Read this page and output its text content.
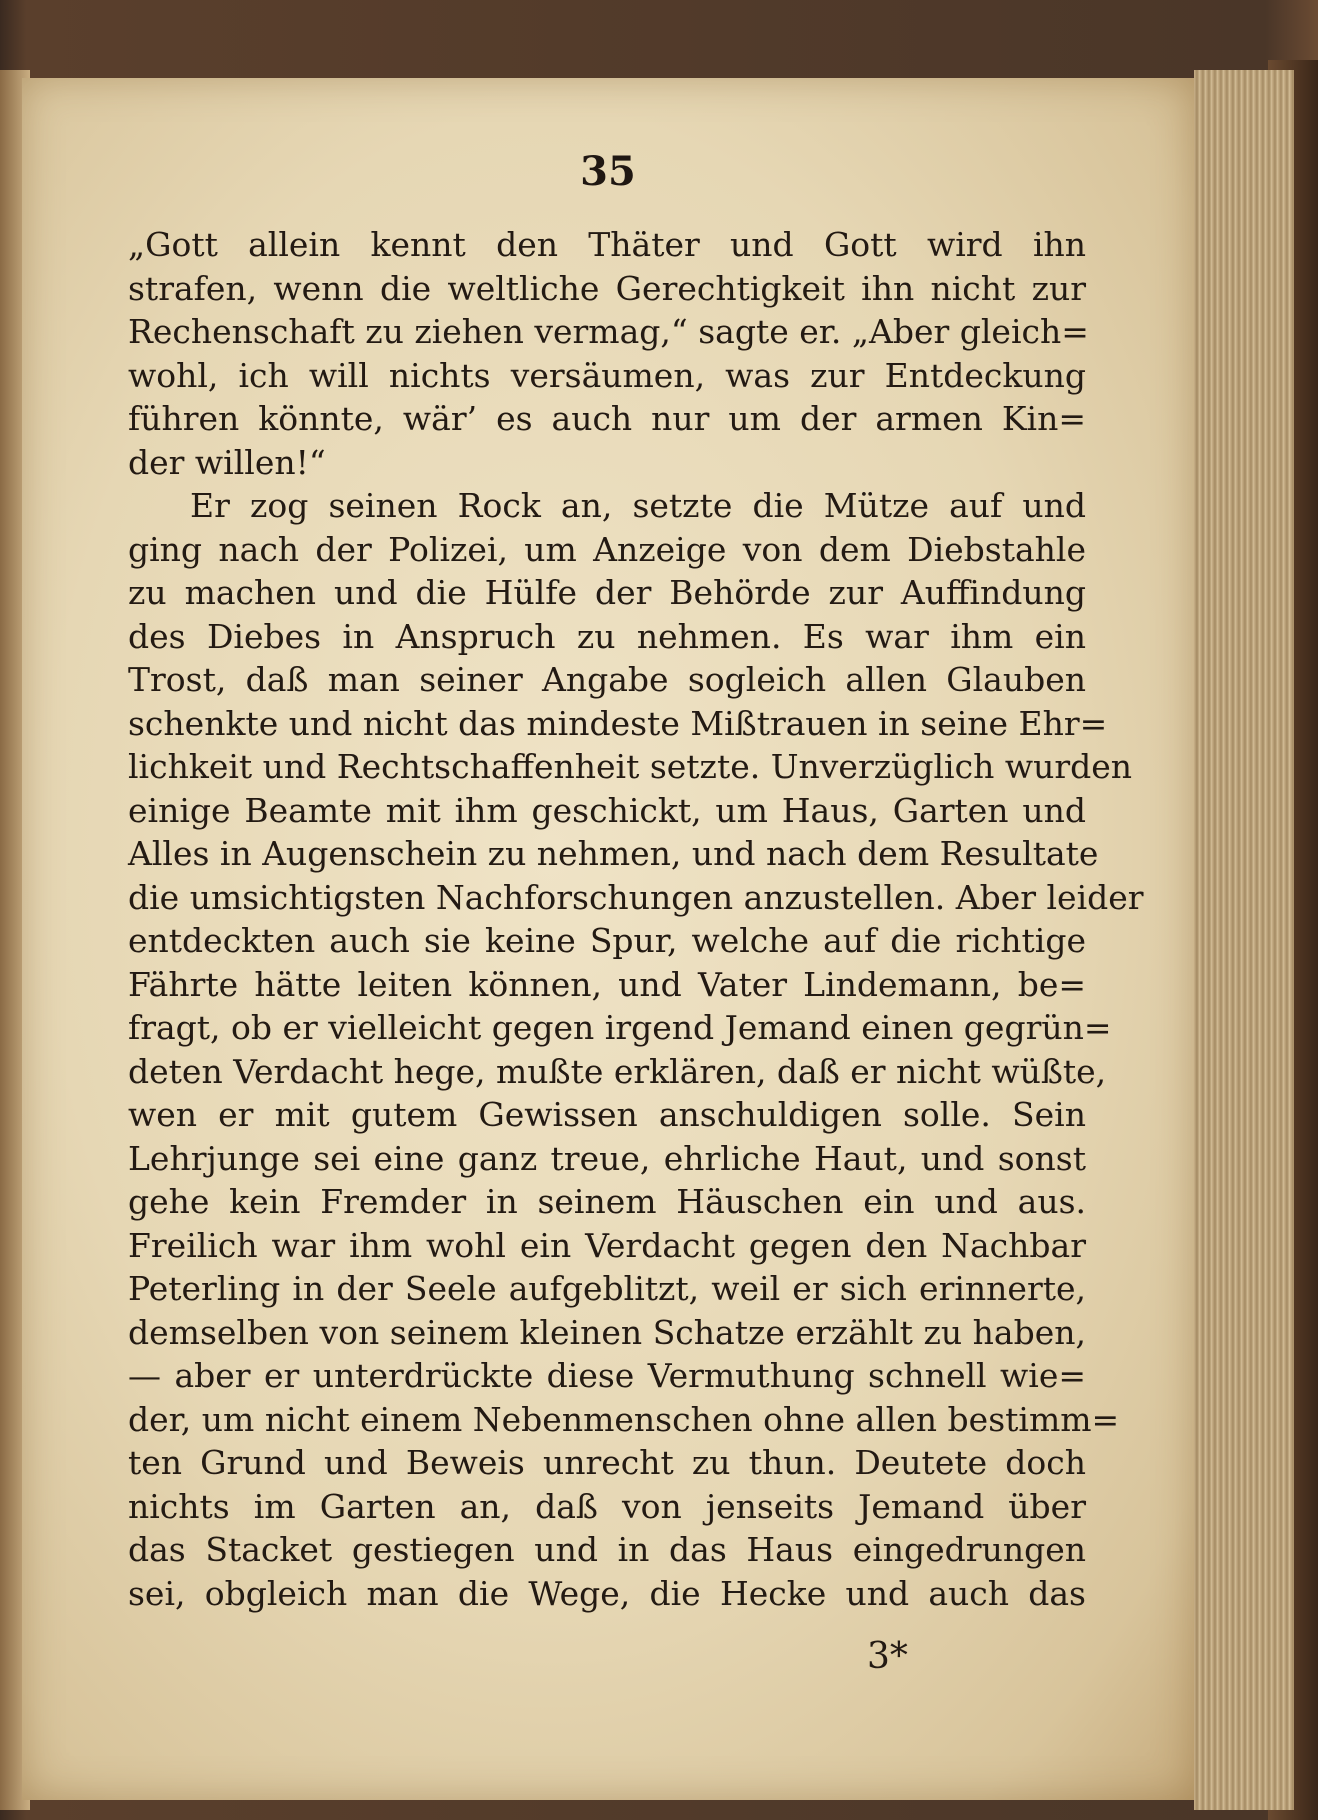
35

„Gott allein kennt den Thäter und Gott wird ihn
strafen, wenn die weltliche Gerechtigkeit ihn nicht zur
Rechenschaft zu ziehen vermag,“ sagte er. „Aber gleich=
wohl, ich will nichts versäumen, was zur Entdeckung
führen könnte, wär’ es auch nur um der armen Kin=
der willen!“
Er zog seinen Rock an, setzte die Mütze auf und
ging nach der Polizei, um Anzeige von dem Diebstahle
zu machen und die Hülfe der Behörde zur Auffindung
des Diebes in Anspruch zu nehmen. Es war ihm ein
Trost, daß man seiner Angabe sogleich allen Glauben
schenkte und nicht das mindeste Mißtrauen in seine Ehr=
lichkeit und Rechtschaffenheit setzte. Unverzüglich wurden
einige Beamte mit ihm geschickt, um Haus, Garten und
Alles in Augenschein zu nehmen, und nach dem Resultate
die umsichtigsten Nachforschungen anzustellen. Aber leider
entdeckten auch sie keine Spur, welche auf die richtige
Fährte hätte leiten können, und Vater Lindemann, be=
fragt, ob er vielleicht gegen irgend Jemand einen gegrün=
deten Verdacht hege, mußte erklären, daß er nicht wüßte,
wen er mit gutem Gewissen anschuldigen solle. Sein
Lehrjunge sei eine ganz treue, ehrliche Haut, und sonst
gehe kein Fremder in seinem Häuschen ein und aus.
Freilich war ihm wohl ein Verdacht gegen den Nachbar
Peterling in der Seele aufgeblitzt, weil er sich erinnerte,
demselben von seinem kleinen Schatze erzählt zu haben,
— aber er unterdrückte diese Vermuthung schnell wie=
der, um nicht einem Nebenmenschen ohne allen bestimm=
ten Grund und Beweis unrecht zu thun. Deutete doch
nichts im Garten an, daß von jenseits Jemand über
das Stacket gestiegen und in das Haus eingedrungen
sei, obgleich man die Wege, die Hecke und auch das

3*
